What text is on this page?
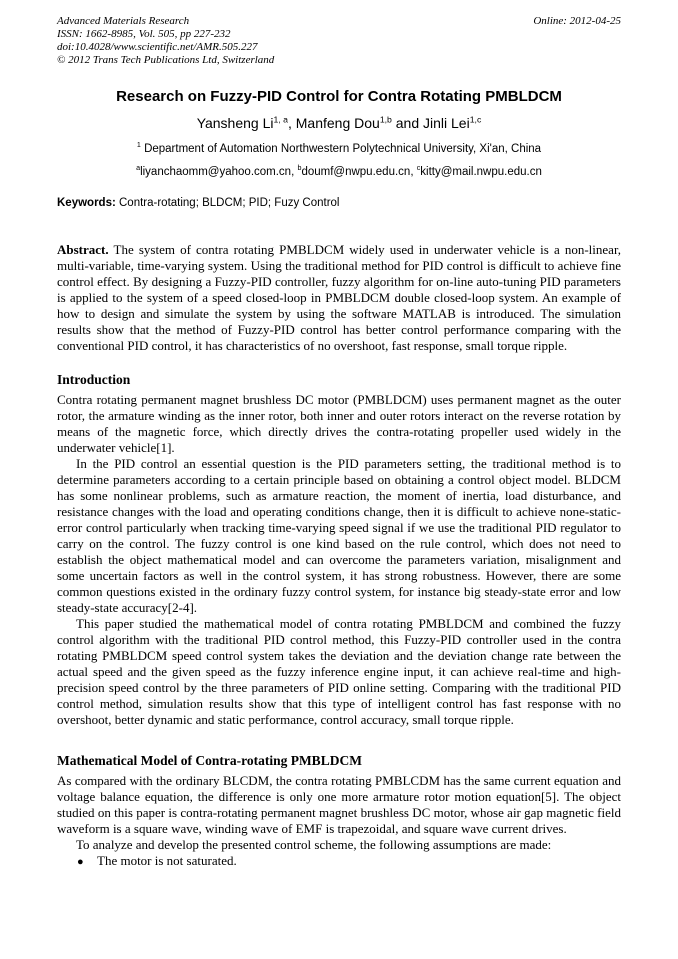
Advanced Materials Research
ISSN: 1662-8985, Vol. 505, pp 227-232
doi:10.4028/www.scientific.net/AMR.505.227
© 2012 Trans Tech Publications Ltd, Switzerland
Online: 2012-04-25
Research on Fuzzy-PID Control for Contra Rotating PMBLDCM

Yansheng Li$^{1, a}$, Manfeng Dou$^{1,b}$ and Jinli Lei$^{1,c}$

$^1$ Department of Automation Northwestern Polytechnical University, Xi'an, China

$^a$liyanchaomm@yahoo.com.cn, $^b$doumf@nwpu.edu.cn, $^c$kitty@mail.nwpu.edu.cn

Keywords: Contra-rotating; BLDCM; PID; Fuzy Control

Abstract. The system of contra rotating PMBLDCM widely used in underwater vehicle is a non-linear, multi-variable, time-varying system. Using the traditional method for PID control is difficult to achieve fine control effect. By designing a Fuzzy-PID controller, fuzzy algorithm for on-line auto-tuning PID parameters is applied to the system of a speed closed-loop in PMBLDCM double closed-loop system. An example of how to design and simulate the system by using the software MATLAB is introduced. The simulation results show that the method of Fuzzy-PID control has better control performance comparing with the conventional PID control, it has characteristics of no overshoot, fast response, small torque ripple.

Introduction

Contra rotating permanent magnet brushless DC motor (PMBLDCM) uses permanent magnet as the outer rotor, the armature winding as the inner rotor, both inner and outer rotors interact on the reverse rotation by means of the magnetic force, which directly drives the contra-rotating propeller used widely in the underwater vehicle[1].

In the PID control an essential question is the PID parameters setting, the traditional method is to determine parameters according to a certain principle based on obtaining a control object model. BLDCM has some nonlinear problems, such as armature reaction, the moment of inertia, load disturbance, and resistance changes with the load and operating conditions change, then it is difficult to achieve none-static-error control particularly when tracking time-varying speed signal if we use the traditional PID regulator to carry on the control. The fuzzy control is one kind based on the rule control, which does not need to establish the object mathematical model and can overcome the parameters variation, misalignment and some uncertain factors as well in the control system, it has strong robustness. However, there are some common questions existed in the ordinary fuzzy control system, for instance big steady-state error and low steady-state accuracy[2-4].

This paper studied the mathematical model of contra rotating PMBLDCM and combined the fuzzy control algorithm with the traditional PID control method, this Fuzzy-PID controller used in the contra rotating PMBLDCM speed control system takes the deviation and the deviation change rate between the actual speed and the given speed as the fuzzy inference engine input, it can achieve real-time and high-precision speed control by the three parameters of PID online setting. Comparing with the traditional PID control method, simulation results show that this type of intelligent control has fast response with no overshoot, better dynamic and static performance, control accuracy, small torque ripple.

Mathematical Model of Contra-rotating PMBLDCM

As compared with the ordinary BLCDM, the contra rotating PMBLCDM has the same current equation and voltage balance equation, the difference is only one more armature rotor motion equation[5]. The object studied on this paper is contra-rotating permanent magnet brushless DC motor, whose air gap magnetic field waveform is a square wave, winding wave of EMF is trapezoidal, and square wave current drives.

To analyze and develop the presented control scheme, the following assumptions are made:

● The motor is not saturated.
